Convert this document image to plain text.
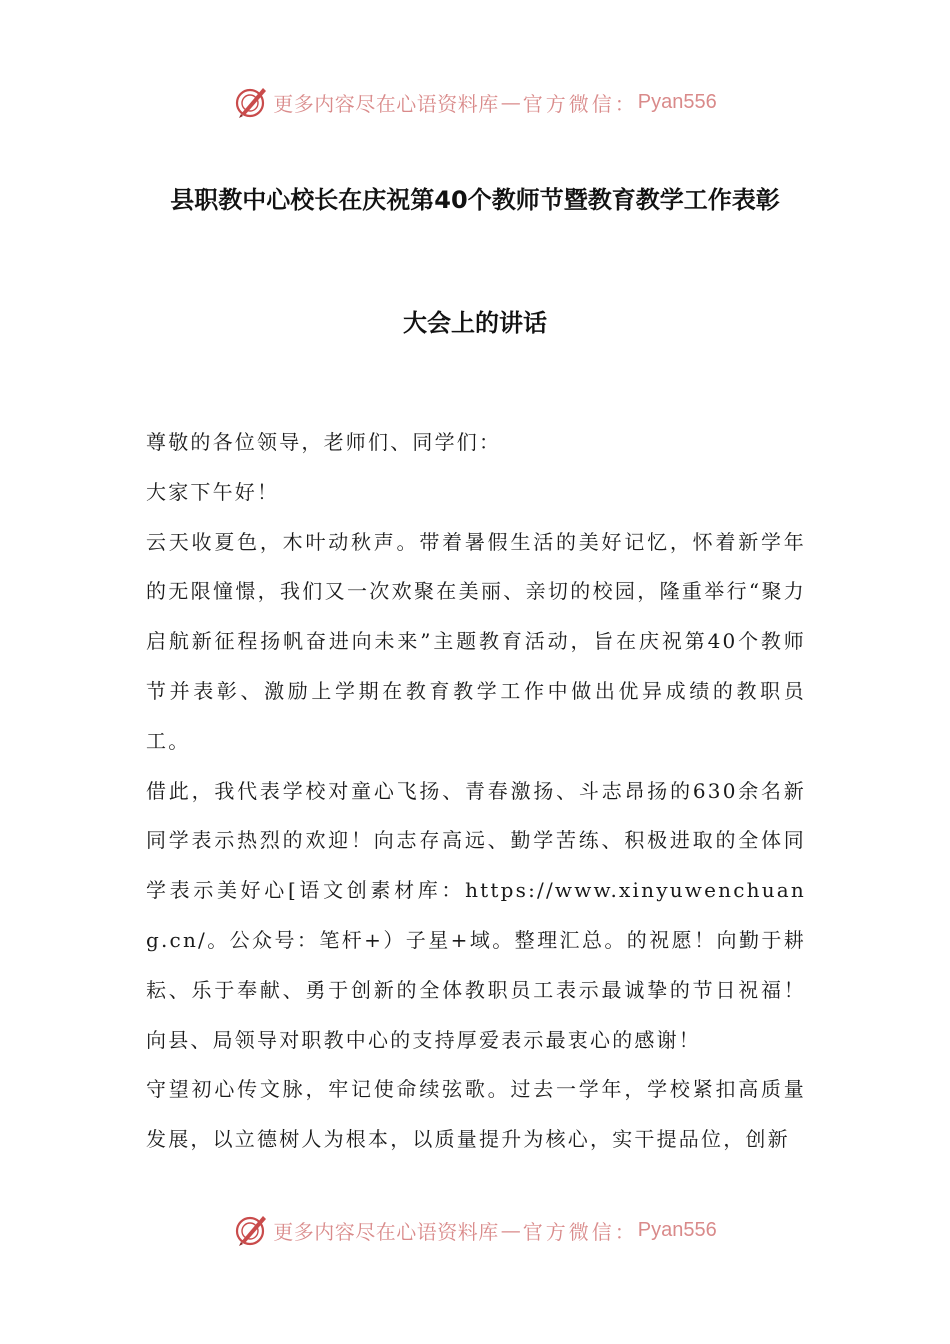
更多内容尽在心语资料库 — 官方微信： Pyan556
县职教中心校长在庆祝第40个教师节暨教育教学工作表彰
大会上的讲话

尊敬的各位领导，老师们、同学们：

大家下午好！

云天收夏色，木叶动秋声。带着暑假生活的美好记忆，怀着新学年的无限憧憬，我们又一次欢聚在美丽、亲切的校园，隆重举行“聚力启航新征程扬帆奋进向未来”主题教育活动，旨在庆祝第40个教师节并表彰、激励上学期在教育教学工作中做出优异成绩的教职员工。

借此，我代表学校对童心飞扬、青春激扬、斗志昂扬的630余名新同学表示热烈的欢迎！向志存高远、勤学苦练、积极进取的全体同学表示美好心[语文创素材库：https://www.xinyuwenchuang.cn/。公众号：笔杆+）子星+域。整理汇总。的祝愿！向勤于耕耘、乐于奉献、勇于创新的全体教职员工表示最诚挚的节日祝福！向县、局领导对职教中心的支持厚爱表示最衷心的感谢！

守望初心传文脉，牢记使命续弦歌。过去一学年，学校紧扣高质量发展，以立德树人为根本，以质量提升为核心，实干提品位，创新

更多内容尽在心语资料库 — 官方微信： Pyan556
